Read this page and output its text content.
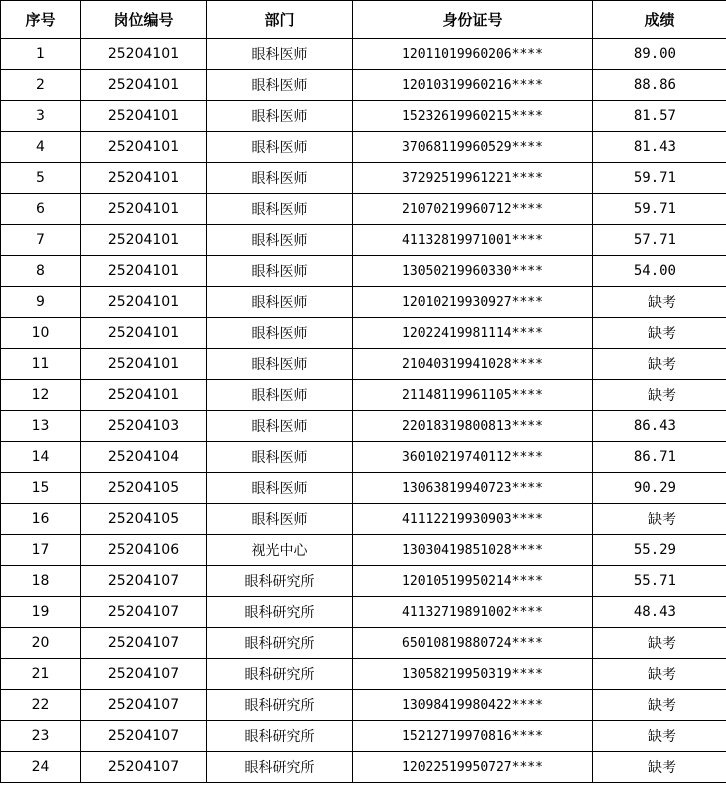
序号	岗位编号	部门	身份证号	成绩
1	25204101	眼科医师	12011019960206****	89.00
2	25204101	眼科医师	12010319960216****	88.86
3	25204101	眼科医师	15232619960215****	81.57
4	25204101	眼科医师	37068119960529****	81.43
5	25204101	眼科医师	37292519961221****	59.71
6	25204101	眼科医师	21070219960712****	59.71
7	25204101	眼科医师	41132819971001****	57.71
8	25204101	眼科医师	13050219960330****	54.00
9	25204101	眼科医师	12010219930927****	缺考
10	25204101	眼科医师	12022419981114****	缺考
11	25204101	眼科医师	21040319941028****	缺考
12	25204101	眼科医师	21148119961105****	缺考
13	25204103	眼科医师	22018319800813****	86.43
14	25204104	眼科医师	36010219740112****	86.71
15	25204105	眼科医师	13063819940723****	90.29
16	25204105	眼科医师	41112219930903****	缺考
17	25204106	视光中心	13030419851028****	55.29
18	25204107	眼科研究所	12010519950214****	55.71
19	25204107	眼科研究所	41132719891002****	48.43
20	25204107	眼科研究所	65010819880724****	缺考
21	25204107	眼科研究所	13058219950319****	缺考
22	25204107	眼科研究所	13098419980422****	缺考
23	25204107	眼科研究所	15212719970816****	缺考
24	25204107	眼科研究所	12022519950727****	缺考
